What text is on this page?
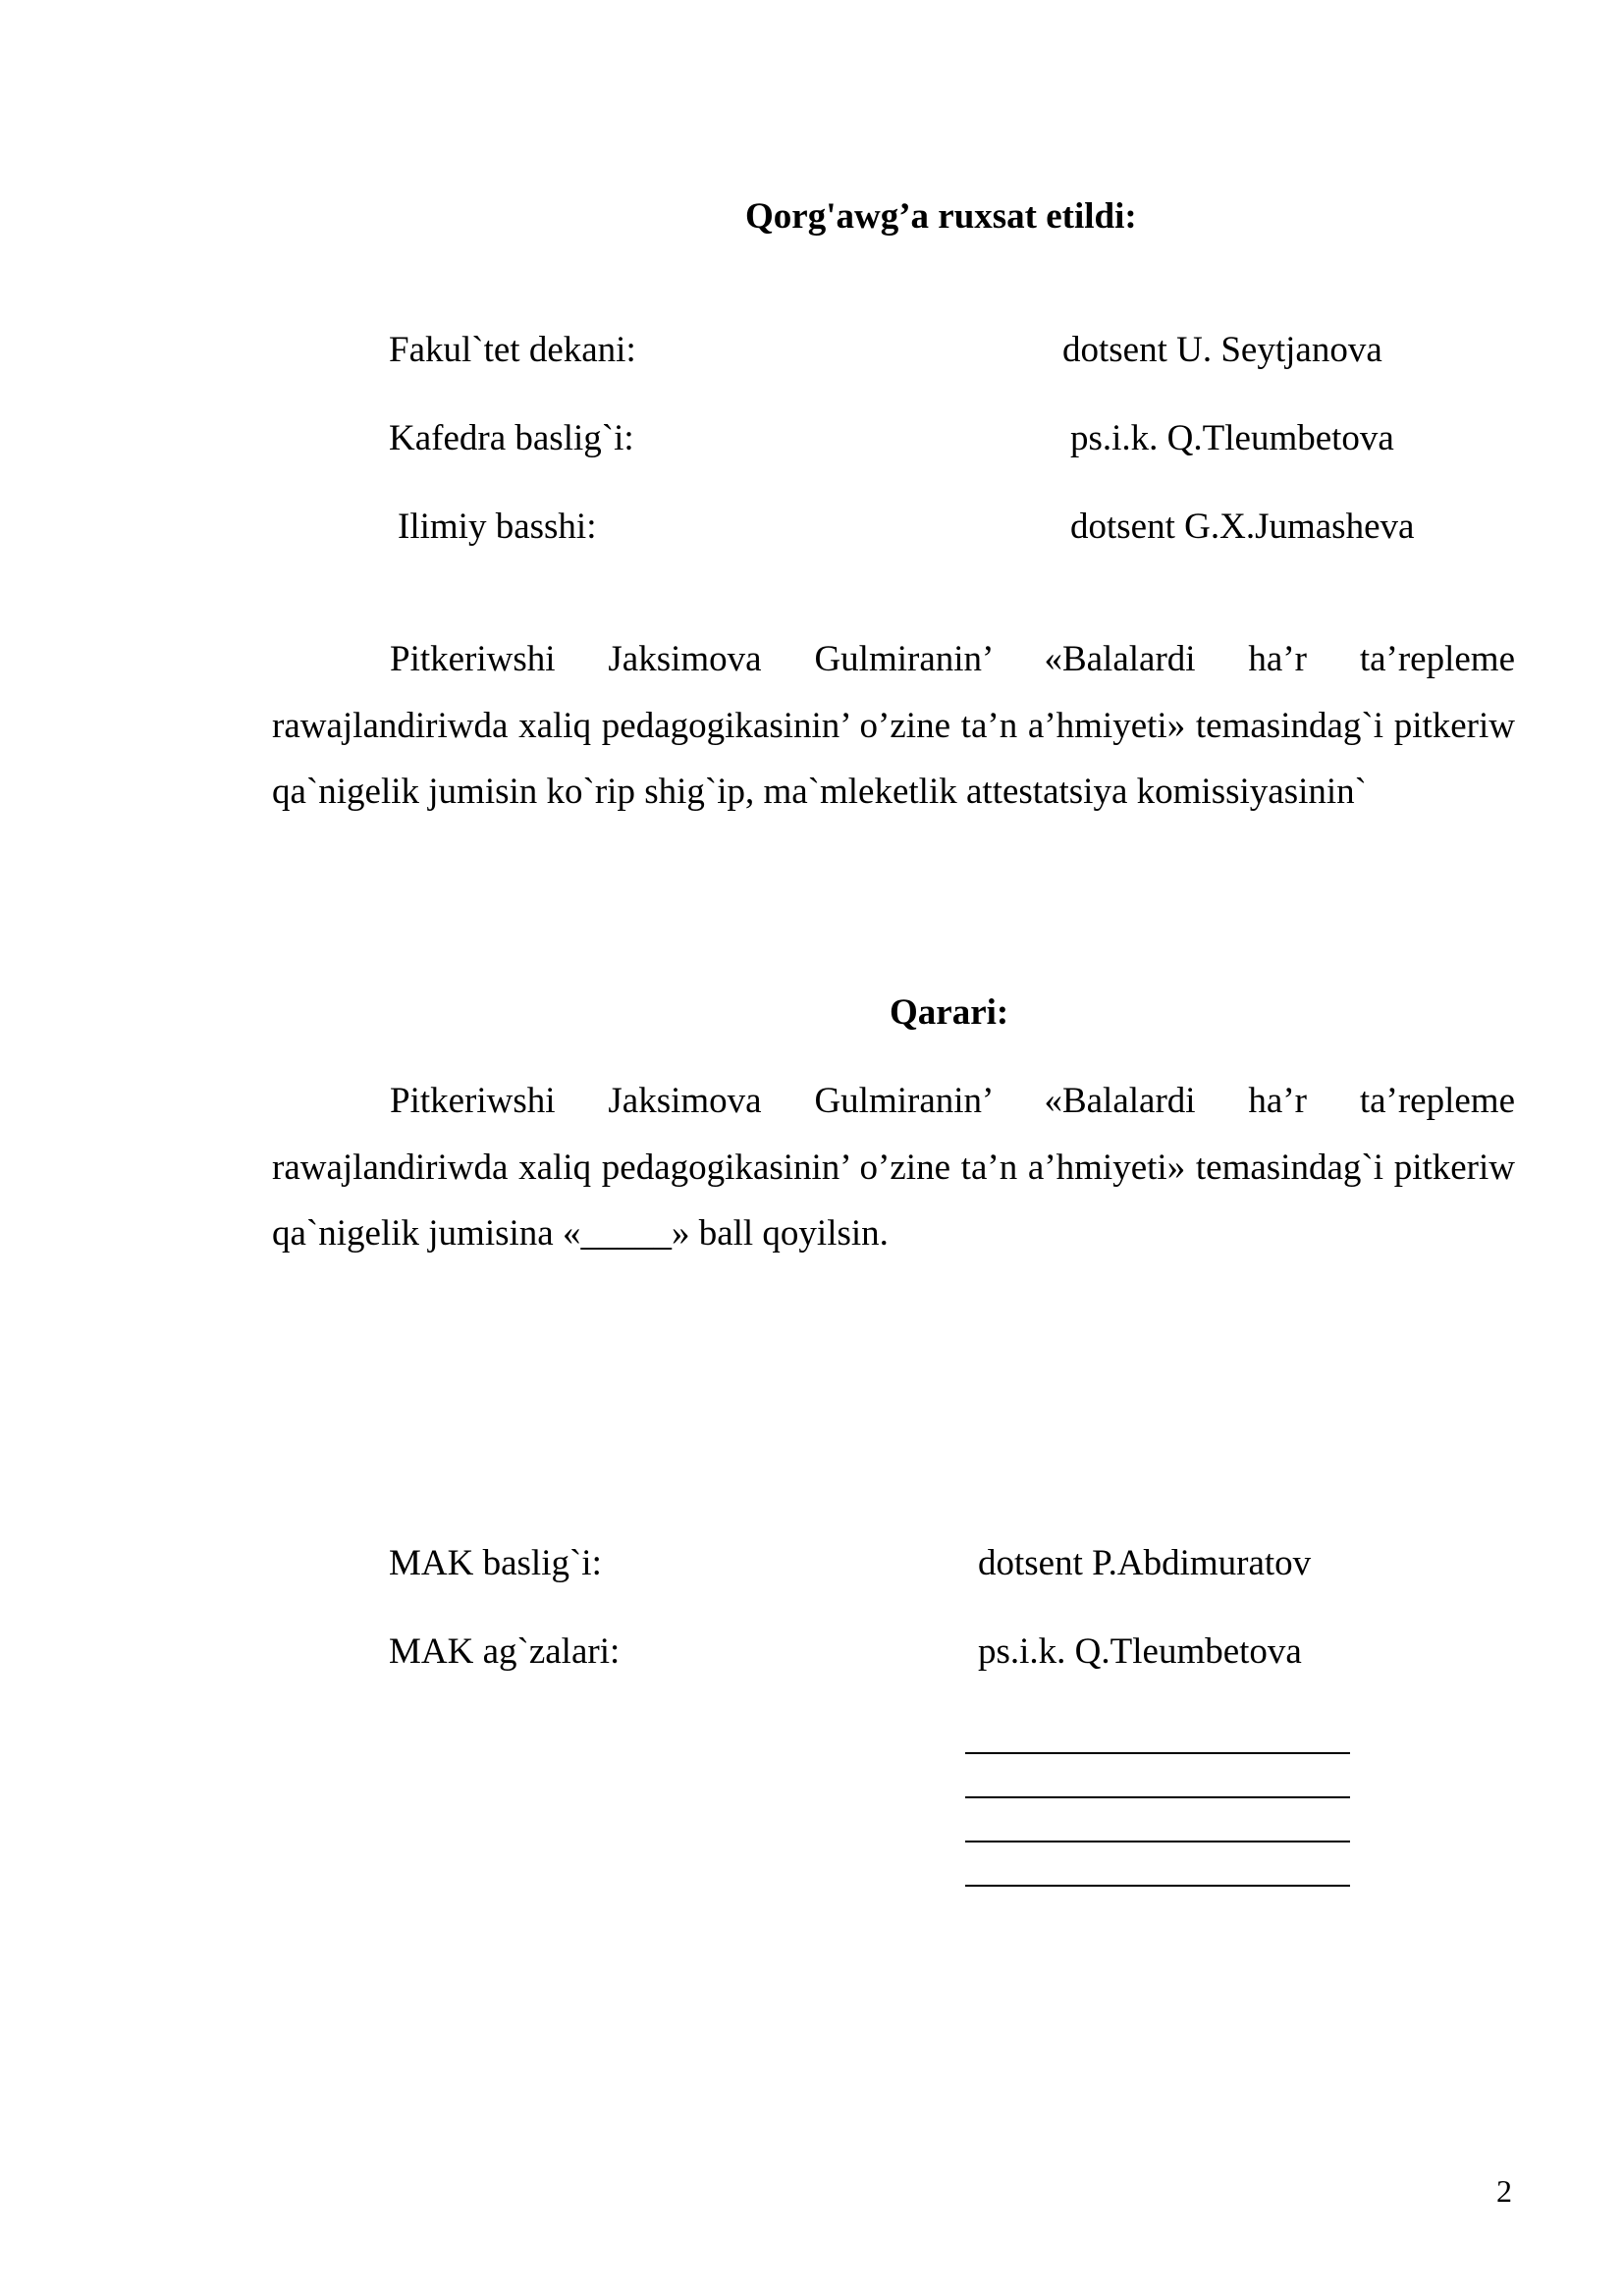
Qorg'awg’a ruxsat etildi:
Fakul`tet dekani:	dotsent U. Seytjanova
Kafedra baslig`i:	ps.i.k. Q.Tleumbetova
Ilimiy basshi:	dotsent G.X.Jumasheva

Pitkeriwshi Jaksimova Gulmiranin’ «Balalardi ha’r ta’repleme rawajlandiriwda xaliq pedagogikasinin’ o’zine ta’n a’hmiyeti» temasindag`i pitkeriw qa`nigelik jumisin ko`rip shig`ip, ma`mleketlik attestatsiya komissiyasinin`

Qarari:

Pitkeriwshi Jaksimova Gulmiranin’ «Balalardi ha’r ta’repleme rawajlandiriwda xaliq pedagogikasinin’ o’zine ta’n a’hmiyeti» temasindag`i pitkeriw qa`nigelik jumisina «_____» ball qoyilsin.

MAK baslig`i:	dotsent P.Abdimuratov
MAK ag`zalari:	ps.i.k. Q.Tleumbetova
2
